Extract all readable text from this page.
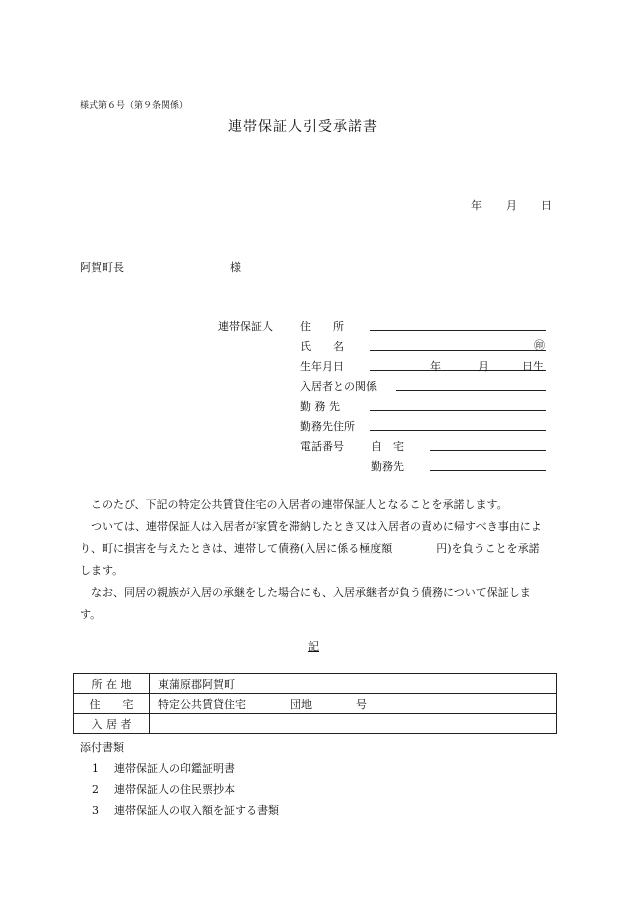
様式第６号（第９条関係）
連帯保証人引受承諾書
年 月 日
阿賀町長	様
連帯保証人 住　　所
氏　　名	㊞
生年月日	年	月	日生
入居者との関係
勤 務 先
勤務先住所
電話番号 自　宅
勤務先

　このたび、下記の特定公共賃貸住宅の入居者の連帯保証人となることを承諾します。

　ついては、連帯保証人は入居者が家賃を滞納したとき又は入居者の責めに帰すべき事由により、町に損害を与えたときは、連帯して債務(入居に係る極度額　　　　円)を負うことを承諾します。

　なお、同居の親族が入居の承継をした場合にも、入居承継者が負う債務について保証します。

記
所 在 地	東蒲原郡阿賀町
住　　宅	特定公共賃貸住宅　　　　団地　　　　号
入 居 者	
添付書類
1 連帯保証人の印鑑証明書
2 連帯保証人の住民票抄本
3 連帯保証人の収入額を証する書類
